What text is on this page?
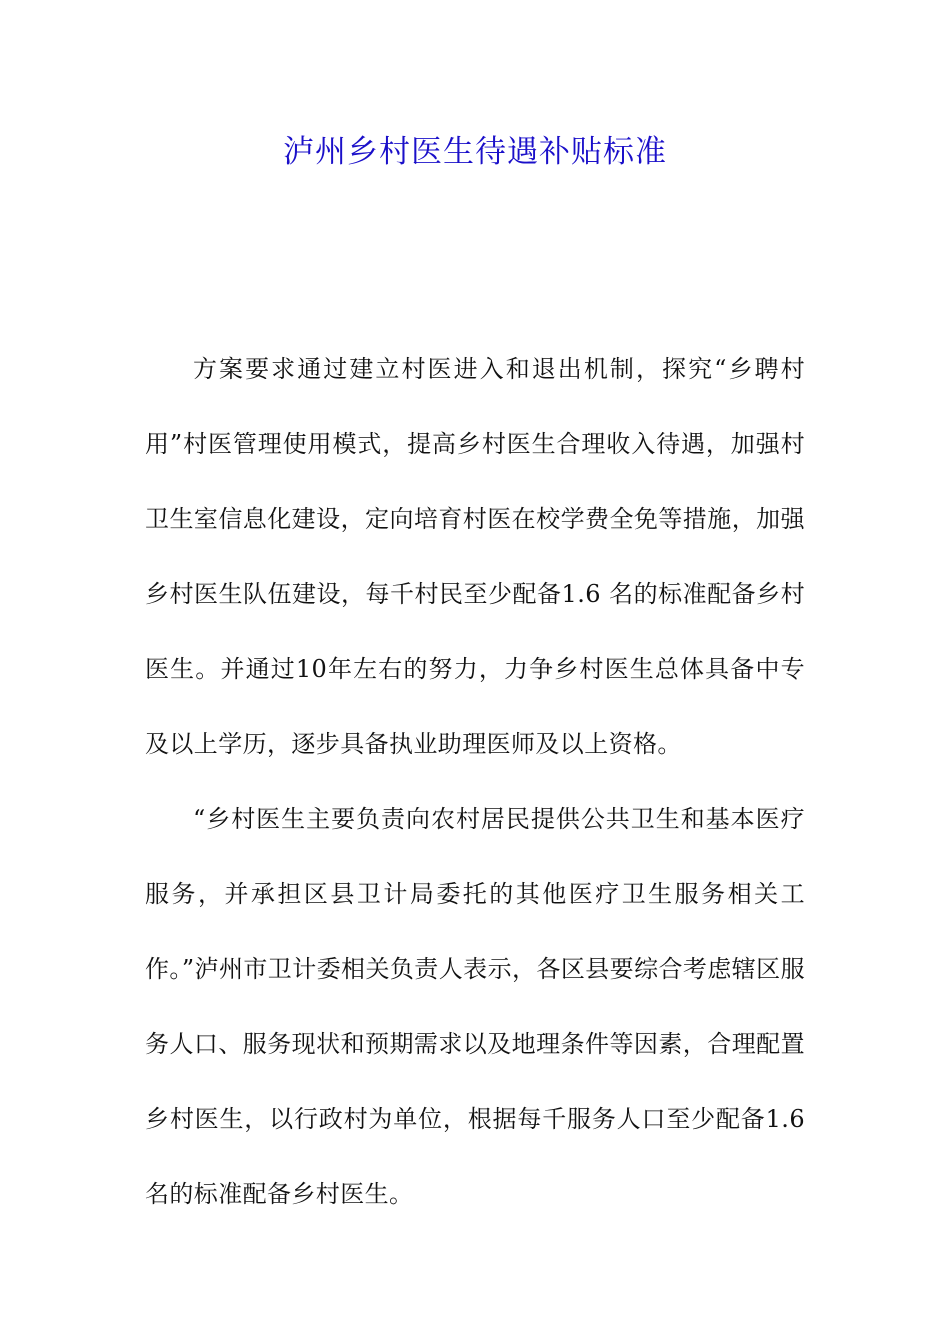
泸州乡村医生待遇补贴标准

方案要求通过建立村医进入和退出机制，探究“乡聘村用”村医管理使用模式，提高乡村医生合理收入待遇，加强村卫生室信息化建设，定向培育村医在校学费全免等措施，加强乡村医生队伍建设，每千村民至少配备1.6 名的标准配备乡村医生。并通过10年左右的努力，力争乡村医生总体具备中专及以上学历，逐步具备执业助理医师及以上资格。

“乡村医生主要负责向农村居民提供公共卫生和基本医疗服务，并承担区县卫计局委托的其他医疗卫生服务相关工作。”泸州市卫计委相关负责人表示，各区县要综合考虑辖区服务人口、服务现状和预期需求以及地理条件等因素，合理配置乡村医生，以行政村为单位，根据每千服务人口至少配备1.6名的标准配备乡村医生。
